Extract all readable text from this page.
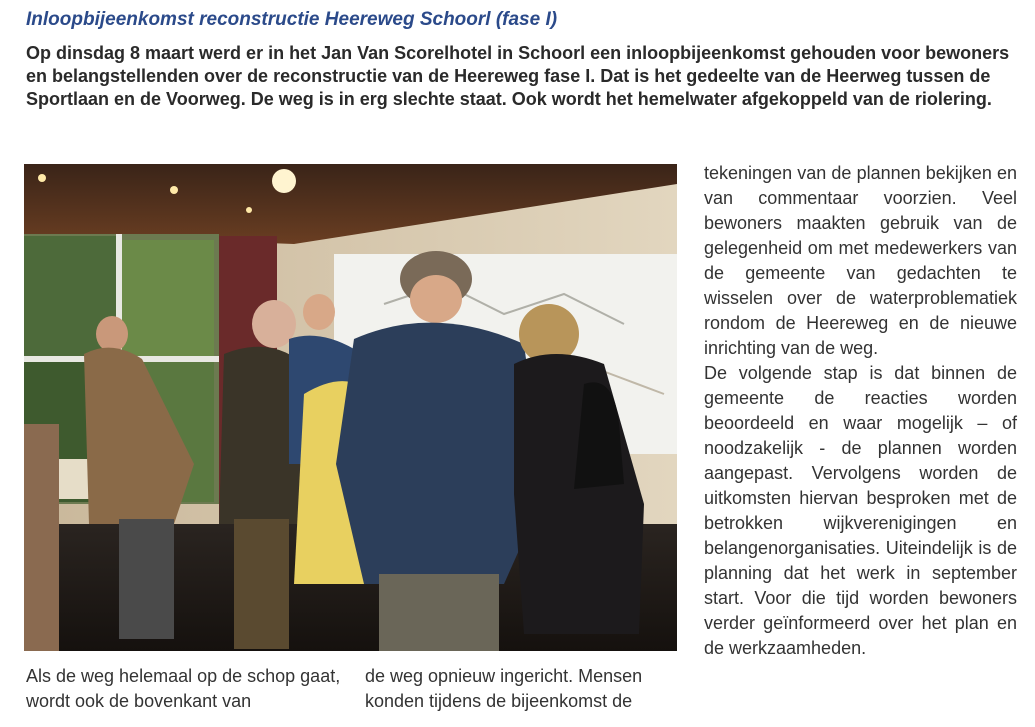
Inloopbijeenkomst reconstructie Heereweg Schoorl (fase I)

Op dinsdag 8 maart werd er in het Jan Van Scorelhotel in Schoorl een inloopbijeenkomst gehouden voor bewoners en belangstellenden over de reconstructie van de Heereweg fase I. Dat is het gedeelte van de Heerweg tussen de Sportlaan en de Voorweg. De weg is in erg slechte staat. Ook wordt het hemelwater afgekoppeld van de riolering.

Als de weg helemaal op de schop gaat, wordt ook de bovenkant van

de weg opnieuw ingericht. Mensen konden tijdens de bijeenkomst de

tekeningen van de plannen bekijken en van commentaar voorzien. Veel bewoners maakten gebruik van de gelegenheid om met medewerkers van de gemeente van gedachten te wisselen over de waterproblematiek rondom de Heereweg en de nieuwe inrichting van de weg.

De volgende stap is dat binnen de gemeente de reacties worden beoordeeld en waar mogelijk – of noodzakelijk - de plannen worden aangepast. Vervolgens worden de uitkomsten hiervan besproken met de betrokken wijkverenigingen en belangenorganisaties. Uiteindelijk is de planning dat het werk in september start. Voor die tijd worden bewoners verder geïnformeerd over het plan en de werkzaamheden.
